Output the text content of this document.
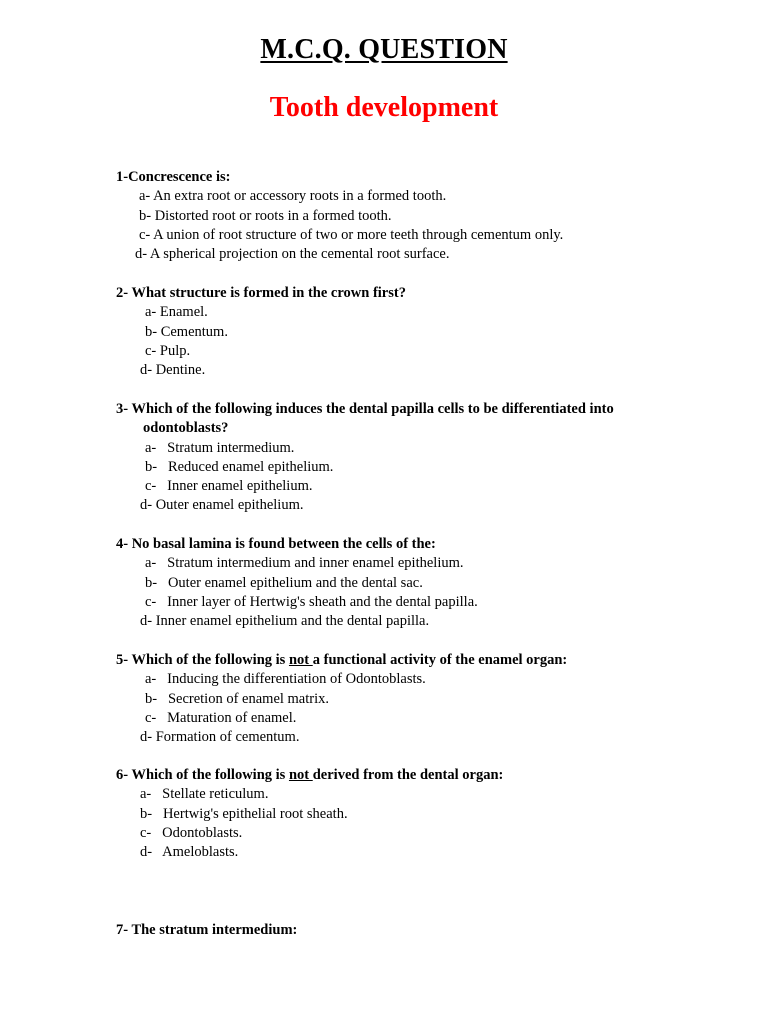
M.C.Q. QUESTION
Tooth development
1-Concrescence is:
a- An extra root or accessory roots in a formed tooth.
b- Distorted root or roots in a formed tooth.
c- A union of root structure of two or more teeth through cementum only.
d- A spherical projection on the cemental root surface.
2- What structure is formed in the crown first?
a- Enamel.
b- Cementum.
c- Pulp.
d- Dentine.
3- Which of the following induces the dental papilla cells to be differentiated into
odontoblasts?
a-   Stratum intermedium.
b-   Reduced enamel epithelium.
c-   Inner enamel epithelium.
d- Outer enamel epithelium.
4- No basal lamina is found between the cells of the:
a-   Stratum intermedium and inner enamel epithelium.
b-   Outer enamel epithelium and the dental sac.
c-   Inner layer of Hertwig's sheath and the dental papilla.
d- Inner enamel epithelium and the dental papilla.
5- Which of the following is not a functional activity of the enamel organ:
a-   Inducing the differentiation of Odontoblasts.
b-   Secretion of enamel matrix.
c-   Maturation of enamel.
d- Formation of cementum.
6- Which of the following is not derived from the dental organ:
a-   Stellate reticulum.
b-   Hertwig's epithelial root sheath.
c-   Odontoblasts.
d-   Ameloblasts.
7- The stratum intermedium:
